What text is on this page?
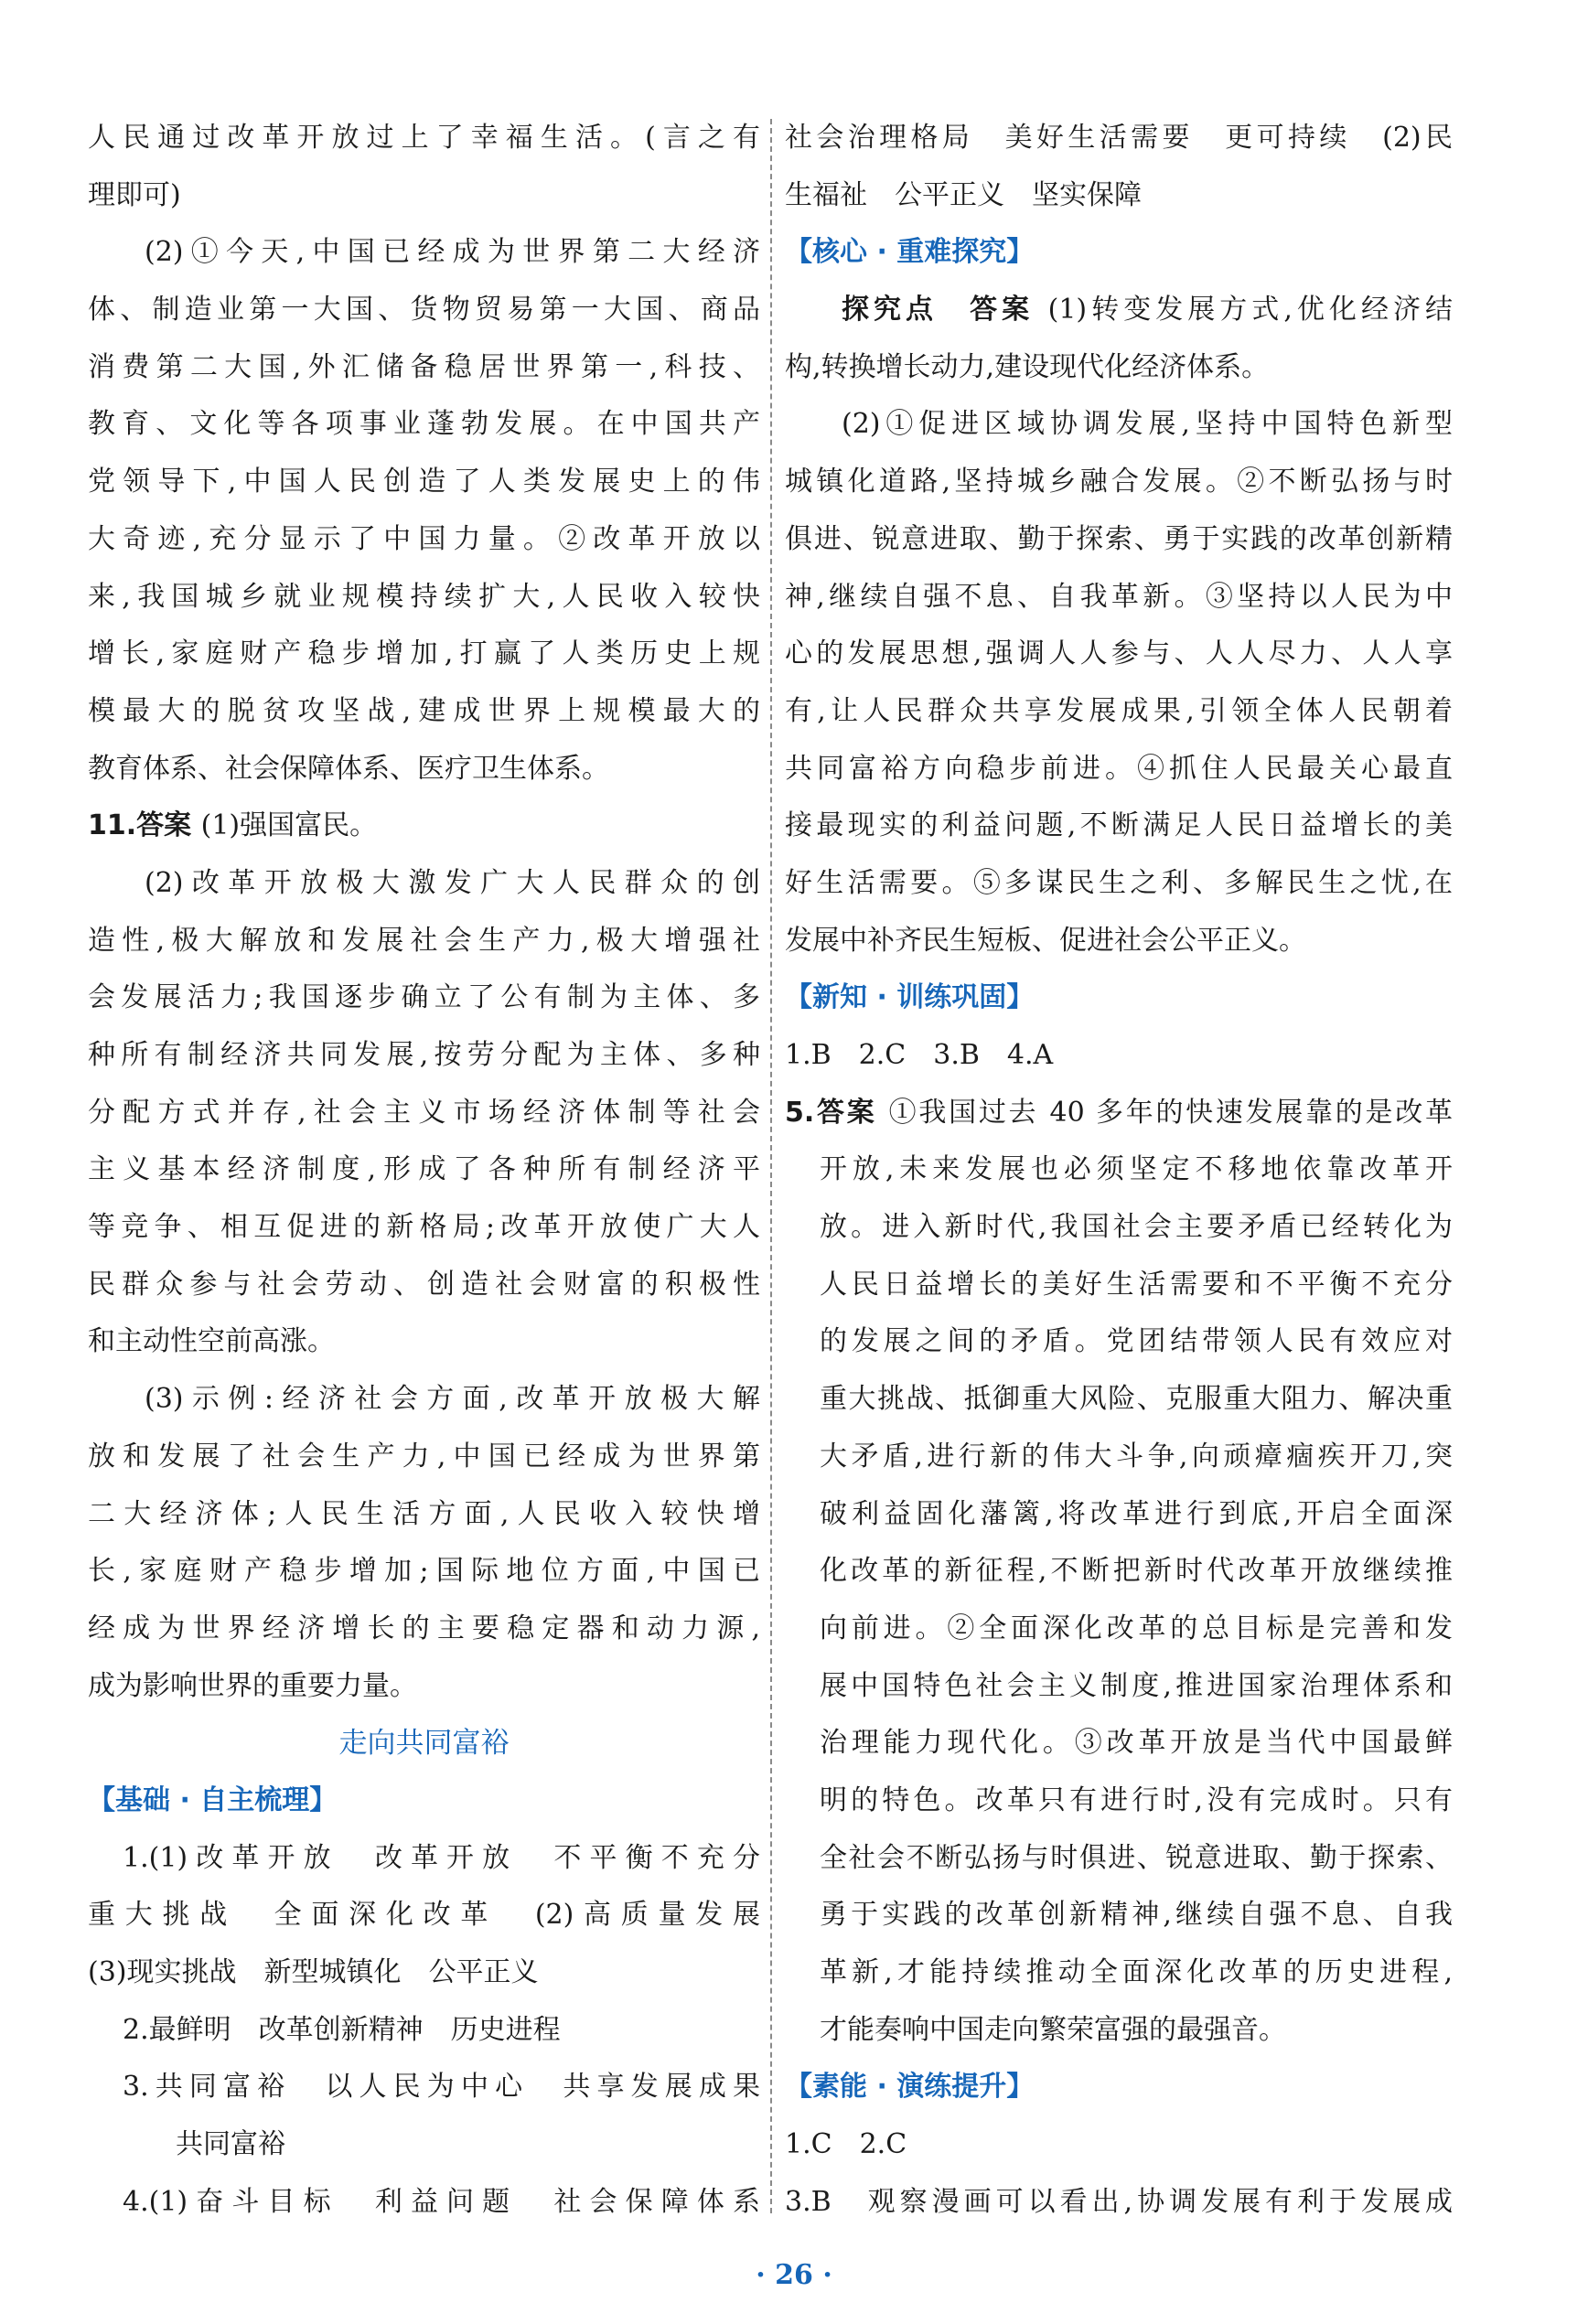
人民通过改革开放过上了幸福生活。(言之有
理即可)
(2)①今天,中国已经成为世界第二大经济
体、制造业第一大国、货物贸易第一大国、商品
消费第二大国,外汇储备稳居世界第一,科技、
教育、文化等各项事业蓬勃发展。在中国共产
党领导下,中国人民创造了人类发展史上的伟
大奇迹,充分显示了中国力量。②改革开放以
来,我国城乡就业规模持续扩大,人民收入较快
增长,家庭财产稳步增加,打赢了人类历史上规
模最大的脱贫攻坚战,建成世界上规模最大的
教育体系、社会保障体系、医疗卫生体系。
11.答案 (1)强国富民。
(2)改革开放极大激发广大人民群众的创
造性,极大解放和发展社会生产力,极大增强社
会发展活力;我国逐步确立了公有制为主体、多
种所有制经济共同发展,按劳分配为主体、多种
分配方式并存,社会主义市场经济体制等社会
主义基本经济制度,形成了各种所有制经济平
等竞争、相互促进的新格局;改革开放使广大人
民群众参与社会劳动、创造社会财富的积极性
和主动性空前高涨。
(3)示例:经济社会方面,改革开放极大解
放和发展了社会生产力,中国已经成为世界第
二大经济体;人民生活方面,人民收入较快增
长,家庭财产稳步增加;国际地位方面,中国已
经成为世界经济增长的主要稳定器和动力源,
成为影响世界的重要力量。
走向共同富裕
【基础 · 自主梳理】
1.(1)改革开放　改革开放　不平衡不充分
重大挑战　全面深化改革　(2)高质量发展
(3)现实挑战　新型城镇化　公平正义
2.最鲜明　改革创新精神　历史进程
3.共同富裕　以人民为中心　共享发展成果
共同富裕
4.(1)奋斗目标　利益问题　社会保障体系
社会治理格局　美好生活需要　更可持续　(2)民
生福祉　公平正义　坚实保障
【核心 · 重难探究】
探究点　答案 (1)转变发展方式,优化经济结
构,转换增长动力,建设现代化经济体系。
(2)①促进区域协调发展,坚持中国特色新型
城镇化道路,坚持城乡融合发展。②不断弘扬与时
俱进、锐意进取、勤于探索、勇于实践的改革创新精
神,继续自强不息、自我革新。③坚持以人民为中
心的发展思想,强调人人参与、人人尽力、人人享
有,让人民群众共享发展成果,引领全体人民朝着
共同富裕方向稳步前进。④抓住人民最关心最直
接最现实的利益问题,不断满足人民日益增长的美
好生活需要。⑤多谋民生之利、多解民生之忧,在
发展中补齐民生短板、促进社会公平正义。
【新知 · 训练巩固】
1.B　2.C　3.B　4.A
5.答案 ①我国过去 40 多年的快速发展靠的是改革
开放,未来发展也必须坚定不移地依靠改革开
放。进入新时代,我国社会主要矛盾已经转化为
人民日益增长的美好生活需要和不平衡不充分
的发展之间的矛盾。党团结带领人民有效应对
重大挑战、抵御重大风险、克服重大阻力、解决重
大矛盾,进行新的伟大斗争,向顽瘴痼疾开刀,突
破利益固化藩篱,将改革进行到底,开启全面深
化改革的新征程,不断把新时代改革开放继续推
向前进。②全面深化改革的总目标是完善和发
展中国特色社会主义制度,推进国家治理体系和
治理能力现代化。③改革开放是当代中国最鲜
明的特色。改革只有进行时,没有完成时。只有
全社会不断弘扬与时俱进、锐意进取、勤于探索、
勇于实践的改革创新精神,继续自强不息、自我
革新,才能持续推动全面深化改革的历史进程,
才能奏响中国走向繁荣富强的最强音。
【素能 · 演练提升】
1.C　2.C
3.B　观察漫画可以看出,协调发展有利于发展成
· 26 ·
